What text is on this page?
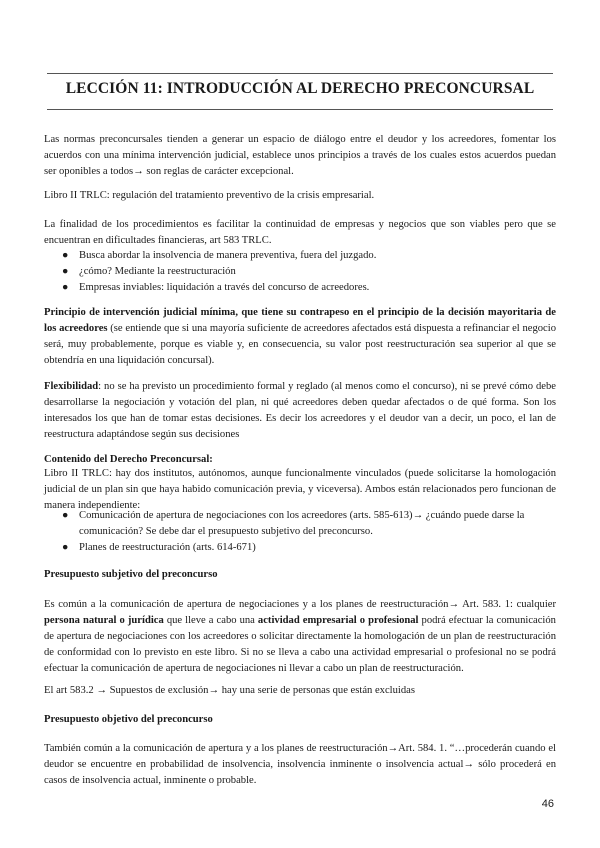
LECCIÓN 11: INTRODUCCIÓN AL DERECHO PRECONCURSAL

Las normas preconcursales tienden a generar un espacio de diálogo entre el deudor y los acreedores, fomentar los acuerdos con una mínima intervención judicial, establece unos principios a través de los cuales estos acuerdos puedan ser oponibles a todos→ son reglas de carácter excepcional.

Libro II TRLC: regulación del tratamiento preventivo de la crisis empresarial.

La finalidad de los procedimientos es facilitar la continuidad de empresas y negocios que son viables pero que se encuentran en dificultades financieras, art 583 TRLC.

● Busca abordar la insolvencia de manera preventiva, fuera del juzgado.
● ¿cómo? Mediante la reestructuración
● Empresas inviables: liquidación a través del concurso de acreedores.

Principio de intervención judicial mínima, que tiene su contrapeso en el principio de la decisión mayoritaria de los acreedores (se entiende que si una mayoría suficiente de acreedores afectados está dispuesta a refinanciar el negocio será, muy probablemente, porque es viable y, en consecuencia, su valor post reestructuración sea superior al que se obtendría en una liquidación concursal).

Flexibilidad: no se ha previsto un procedimiento formal y reglado (al menos como el concurso), ni se prevé cómo debe desarrollarse la negociación y votación del plan, ni qué acreedores deben quedar afectados o de qué forma. Son los interesados los que han de tomar estas decisiones. Es decir los acreedores y el deudor van a decir, un poco, el lan de reestructura adaptándose según sus decisiones

Contenido del Derecho Preconcursal:

Libro II TRLC: hay dos institutos, autónomos, aunque funcionalmente vinculados (puede solicitarse la homologación judicial de un plan sin que haya habido comunicación previa, y viceversa). Ambos están relacionados pero funcionan de manera independiente:

● Comunicación de apertura de negociaciones con los acreedores (arts. 585-613)→ ¿cuándo puede darse la comunicación? Se debe dar el presupuesto subjetivo del preconcurso.
● Planes de reestructuración (arts. 614-671)

Presupuesto subjetivo del preconcurso

Es común a la comunicación de apertura de negociaciones y a los planes de reestructuración→ Art. 583. 1: cualquier persona natural o jurídica que lleve a cabo una actividad empresarial o profesional podrá efectuar la comunicación de apertura de negociaciones con los acreedores o solicitar directamente la homologación de un plan de reestructuración de conformidad con lo previsto en este libro. Si no se lleva a cabo una actividad empresarial o profesional no se podrá efectuar la comunicación de apertura de negociaciones ni llevar a cabo un plan de reestructuración.

El art 583.2 → Supuestos de exclusión→ hay una serie de personas que están excluidas

Presupuesto objetivo del preconcurso

También común a la comunicación de apertura y a los planes de reestructuración→Art. 584. 1. “…procederán cuando el deudor se encuentre en probabilidad de insolvencia, insolvencia inminente o insolvencia actual→ sólo procederá en casos de insolvencia actual, inminente o probable.

46
